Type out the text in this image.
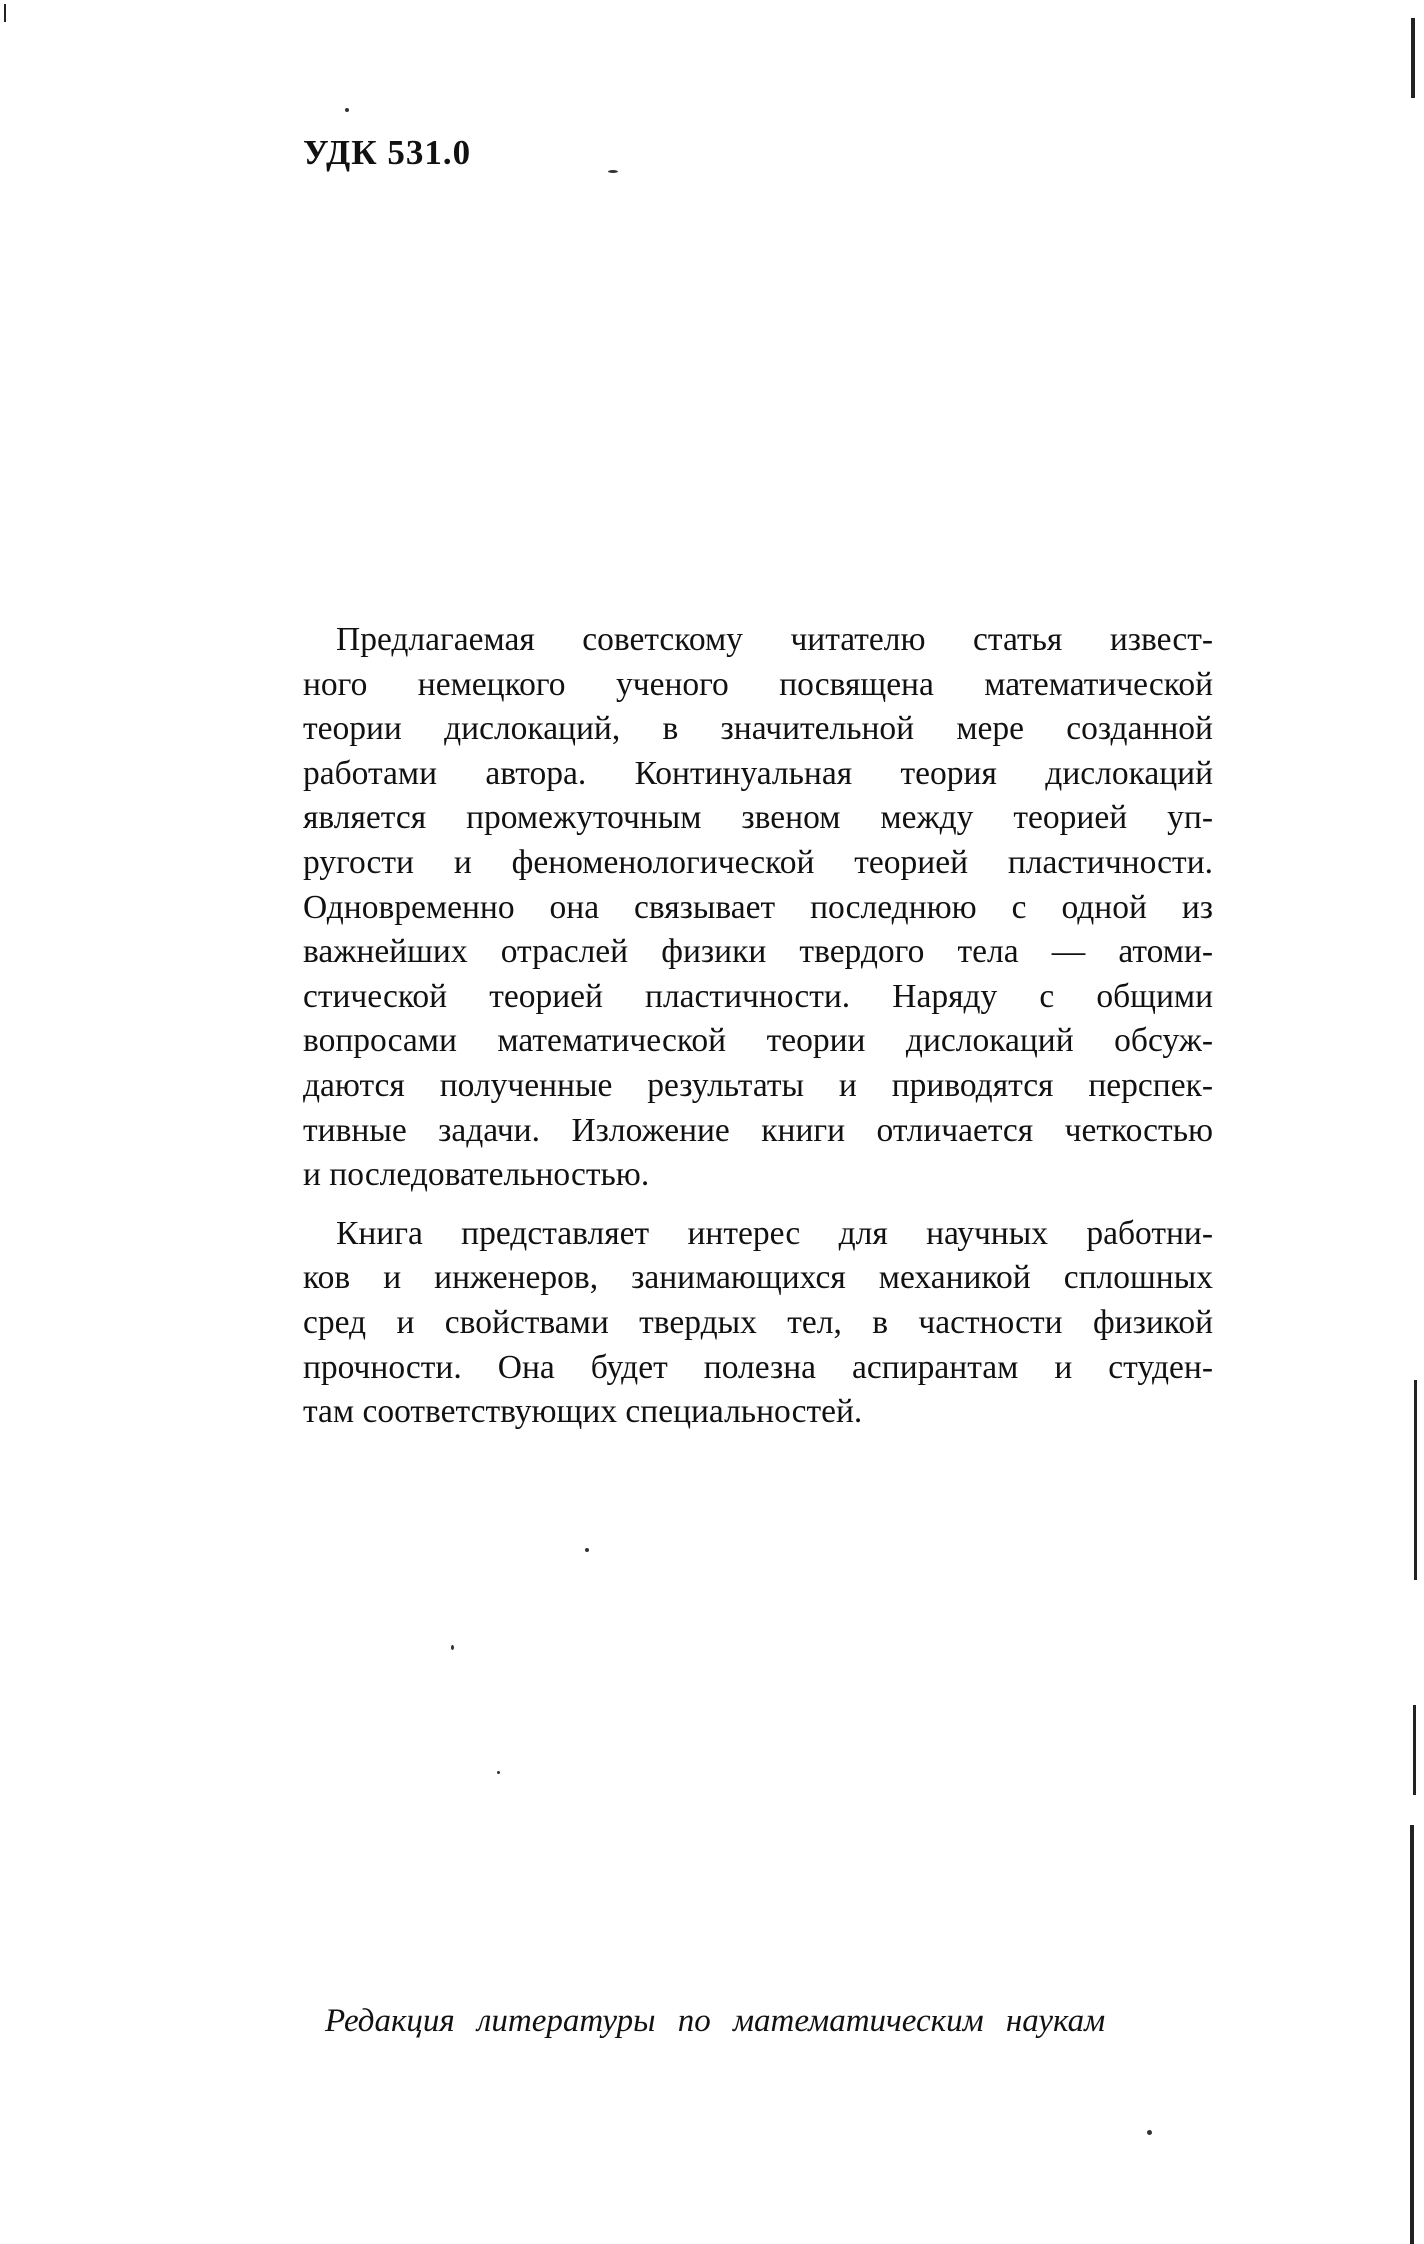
УДК 531.0

Предлагаемая советскому читателю статья извест-
ного немецкого ученого посвящена математической
теории дислокаций, в значительной мере созданной
работами автора. Континуальная теория дислокаций
является промежуточным звеном между теорией уп-
ругости и феноменологической теорией пластичности.
Одновременно она связывает последнюю с одной из
важнейших отраслей физики твердого тела — атоми-
стической теорией пластичности. Наряду с общими
вопросами математической теории дислокаций обсуж-
даются полученные результаты и приводятся перспек-
тивные задачи. Изложение книги отличается четкостью
и последовательностью.

Книга представляет интерес для научных работни-
ков и инженеров, занимающихся механикой сплошных
сред и свойствами твердых тел, в частности физикой
прочности. Она будет полезна аспирантам и студен-
там соответствующих специальностей.

Редакция литературы по математическим наукам
